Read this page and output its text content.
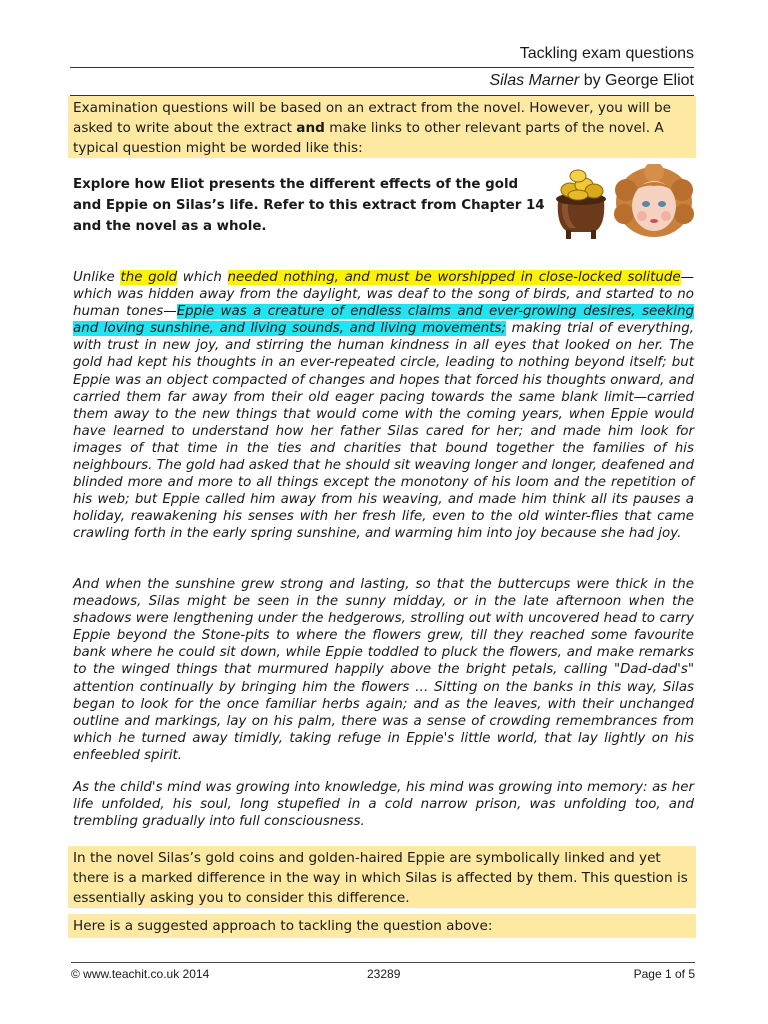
Tackling exam questions
Silas Marner by George Eliot
Examination questions will be based on an extract from the novel. However, you will be asked to write about the extract and make links to other relevant parts of the novel. A typical question might be worded like this:
Explore how Eliot presents the different effects of the gold and Eppie on Silas’s life. Refer to this extract from Chapter 14 and the novel as a whole.

Unlike the gold which needed nothing, and must be worshipped in close-locked solitude—which was hidden away from the daylight, was deaf to the song of birds, and started to no human tones—Eppie was a creature of endless claims and ever-growing desires, seeking and loving sunshine, and living sounds, and living movements; making trial of everything, with trust in new joy, and stirring the human kindness in all eyes that looked on her. The gold had kept his thoughts in an ever-repeated circle, leading to nothing beyond itself; but Eppie was an object compacted of changes and hopes that forced his thoughts onward, and carried them far away from their old eager pacing towards the same blank limit—carried them away to the new things that would come with the coming years, when Eppie would have learned to understand how her father Silas cared for her; and made him look for images of that time in the ties and charities that bound together the families of his neighbours. The gold had asked that he should sit weaving longer and longer, deafened and blinded more and more to all things except the monotony of his loom and the repetition of his web; but Eppie called him away from his weaving, and made him think all its pauses a holiday, reawakening his senses with her fresh life, even to the old winter-flies that came crawling forth in the early spring sunshine, and warming him into joy because she had joy.

And when the sunshine grew strong and lasting, so that the buttercups were thick in the meadows, Silas might be seen in the sunny midday, or in the late afternoon when the shadows were lengthening under the hedgerows, strolling out with uncovered head to carry Eppie beyond the Stone-pits to where the flowers grew, till they reached some favourite bank where he could sit down, while Eppie toddled to pluck the flowers, and make remarks to the winged things that murmured happily above the bright petals, calling "Dad-dad's" attention continually by bringing him the flowers … Sitting on the banks in this way, Silas began to look for the once familiar herbs again; and as the leaves, with their unchanged outline and markings, lay on his palm, there was a sense of crowding remembrances from which he turned away timidly, taking refuge in Eppie's little world, that lay lightly on his enfeebled spirit.

As the child's mind was growing into knowledge, his mind was growing into memory: as her life unfolded, his soul, long stupefied in a cold narrow prison, was unfolding too, and trembling gradually into full consciousness.

In the novel Silas’s gold coins and golden-haired Eppie are symbolically linked and yet there is a marked difference in the way in which Silas is affected by them. This question is essentially asking you to consider this difference.
Here is a suggested approach to tackling the question above:
© www.teachit.co.uk 2014	23289	Page 1 of 5
